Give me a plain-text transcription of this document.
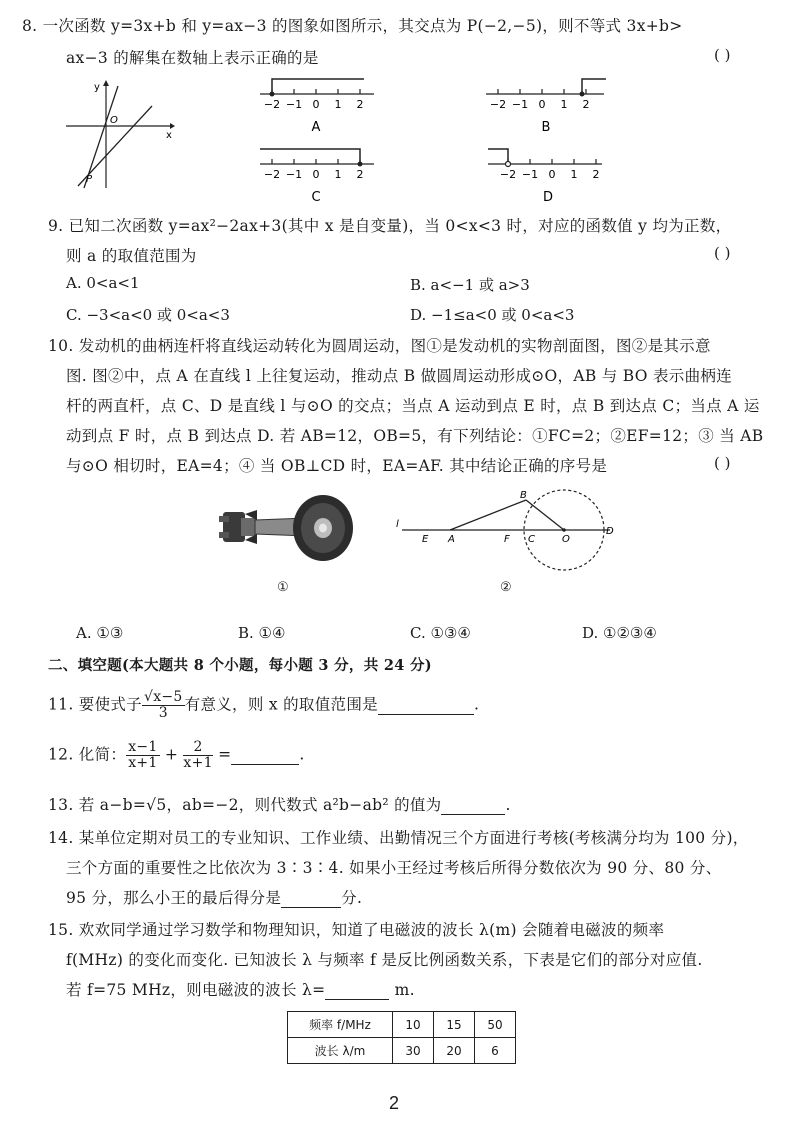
8. 一次函数 y=3x+b 和 y=ax−3 的图象如图所示，其交点为 P(−2,−5)，则不等式 3x+b>
ax−3 的解集在数轴上表示正确的是	( )
y
x
O
P
−2 −1 0 1 2
A
−2 −1 0 1 2
B
−2 −1 0 1 2
C
−2 −1 0 1 2
D
9. 已知二次函数 y=ax²−2ax+3(其中 x 是自变量)，当 0<x<3 时，对应的函数值 y 均为正数，
则 a 的取值范围为	( )
A. 0<a<1	B. a<−1 或 a>3
C. −3<a<0 或 0<a<3	D. −1≤a<0 或 0<a<3
10. 发动机的曲柄连杆将直线运动转化为圆周运动，图①是发动机的实物剖面图，图②是其示意
图. 图②中，点 A 在直线 l 上往复运动，推动点 B 做圆周运动形成⊙O，AB 与 BO 表示曲柄连
杆的两直杆，点 C、D 是直线 l 与⊙O 的交点；当点 A 运动到点 E 时，点 B 到达点 C；当点 A 运
动到点 F 时，点 B 到达点 D. 若 AB=12，OB=5，有下列结论：①FC=2；②EF=12；③ 当 AB
与⊙O 相切时，EA=4；④ 当 OB⊥CD 时，EA=AF. 其中结论正确的序号是	( )
①
l
E A	F C	O
D
B
②
A. ①③	B. ①④	C. ①③④	D. ①②③④
二、填空题(本大题共 8 个小题，每小题 3 分，共 24 分)
11. 要使式子 $\frac{√x-5}{3}$ 有意义，则 x 的取值范围是	.
12. 化简： $\frac{x-1}{x+1} + \frac{2}{x+1}$ =	.
13. 若 a−b=√5，ab=−2，则代数式 a²b−ab² 的值为	.
14. 某单位定期对员工的专业知识、工作业绩、出勤情况三个方面进行考核(考核满分均为 100 分)，
三个方面的重要性之比依次为 3∶3∶4. 如果小王经过考核后所得分数依次为 90 分、80 分、
95 分，那么小王的最后得分是	分.
15. 欢欢同学通过学习数学和物理知识，知道了电磁波的波长 λ(m) 会随着电磁波的频率
f(MHz) 的变化而变化. 已知波长 λ 与频率 f 是反比例函数关系，下表是它们的部分对应值.
若 f=75 MHz，则电磁波的波长 λ=	m.
频率 f/MHz	10	15	50
波长 λ/m	30	20	6
2
